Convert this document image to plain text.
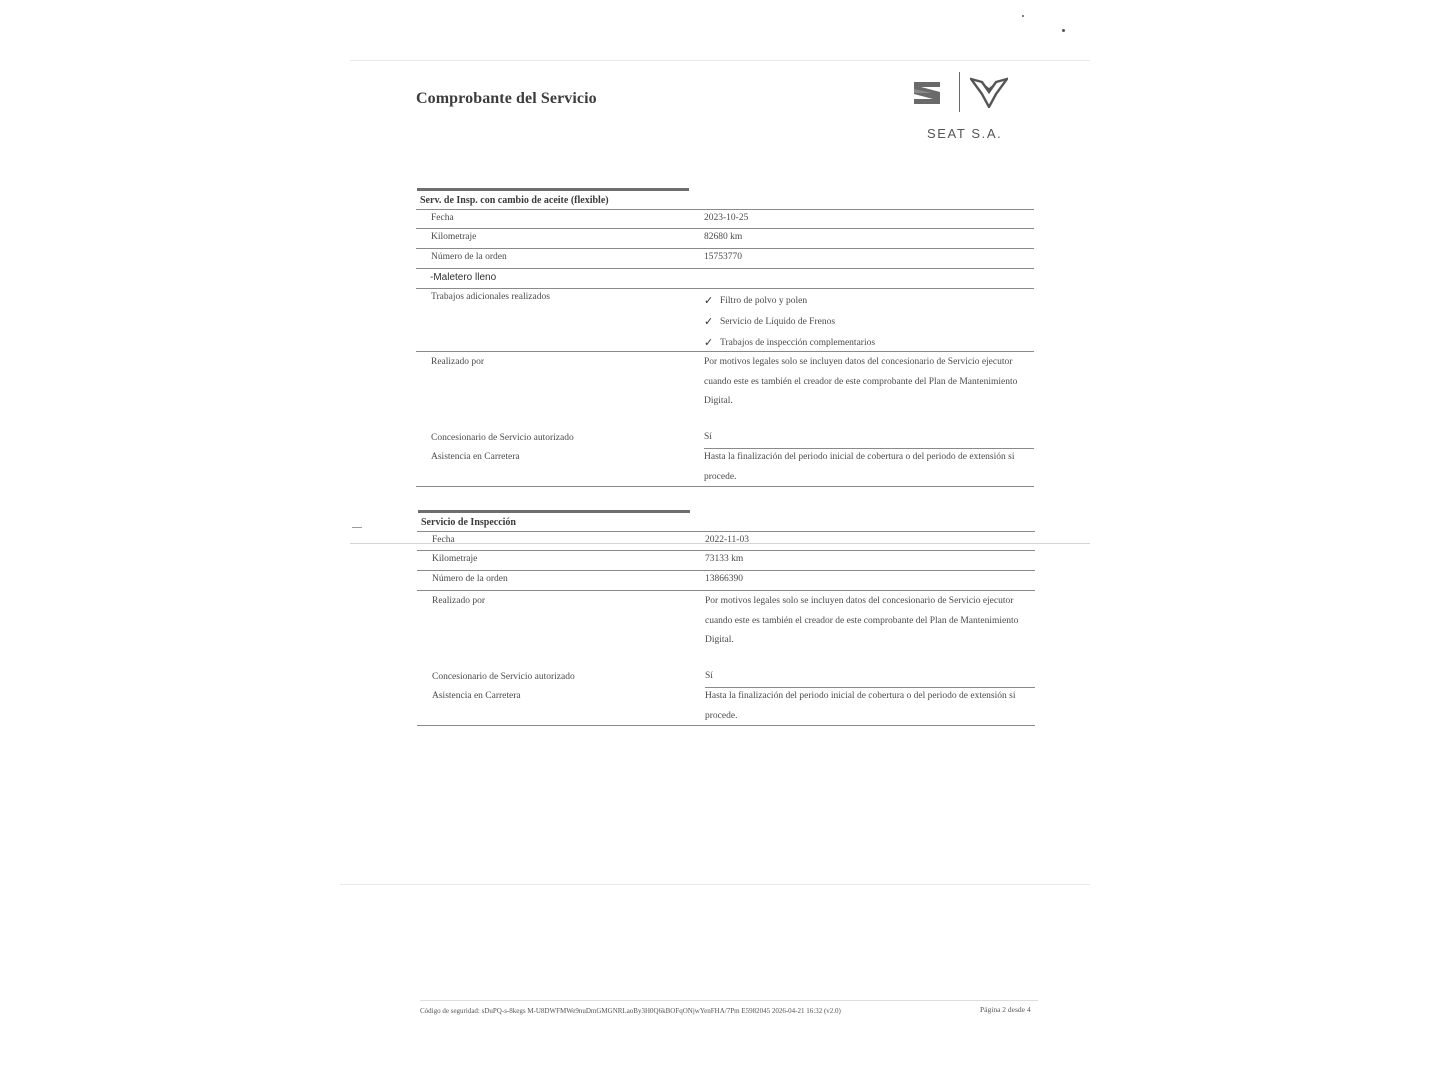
Comprobante del Servicio
SEAT S.A.
Serv. de Insp. con cambio de aceite (flexible)
Fecha	2023-10-25
Kilometraje	82680 km
Número de la orden	15753770
-Maletero lleno
Trabajos adicionales realizados	✓ Filtro de polvo y polen
✓ Servicio de Líquido de Frenos
✓ Trabajos de inspección complementarios
Realizado por	Por motivos legales solo se incluyen datos del concesionario de Servicio ejecutor cuando este es también el creador de este comprobante del Plan de Mantenimiento Digital.
Concesionario de Servicio autorizado	Sí
Asistencia en Carretera	Hasta la finalización del periodo inicial de cobertura o del periodo de extensión si procede.
Servicio de Inspección
Fecha	2022-11-03
Kilometraje	73133 km
Número de la orden	13866390
Realizado por	Por motivos legales solo se incluyen datos del concesionario de Servicio ejecutor cuando este es también el creador de este comprobante del Plan de Mantenimiento Digital.
Concesionario de Servicio autorizado	Sí
Asistencia en Carretera	Hasta la finalización del periodo inicial de cobertura o del periodo de extensión si procede.
Código de seguridad: sDuPQ-s-8kegs M-U8DWFMWe9nuDmGMGNRLaoBy3H0Q6kBOFqONjwYenFHA/7Pm E5982045 2026-04-21 16:32 (v2.0)	Página 2 desde 4
